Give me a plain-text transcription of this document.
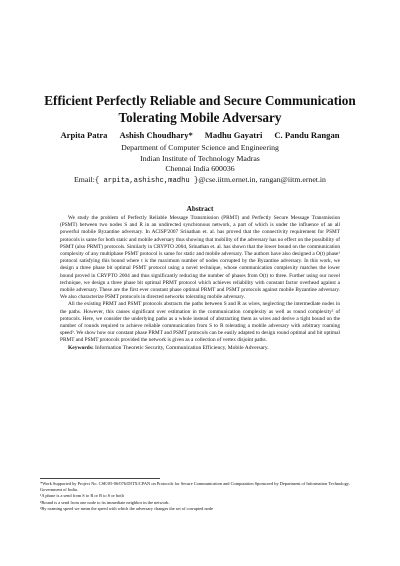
Efficient Perfectly Reliable and Secure Communication Tolerating Mobile Adversary
Arpita Patra Ashish Choudhary* Madhu Gayatri C. Pandu Rangan
Department of Computer Science and Engineering
Indian Institute of Technology Madras
Chennai India 600036
Email:{ arpita,ashishc,madhu }@cse.iitm.ernet.in, rangan@iitm.ernet.in
Abstract

We study the problem of Perfectly Reliable Message Transmission (PRMT) and Perfectly Secure Message Transmission (PSMT) between two nodes S and R in an undirected synchronous network, a part of which is under the influence of an all powerful mobile Byzantine adversary. In ACISP'2007 Srinathan et. al. has proved that the connectivity requirement for PSMT protocols is same for both static and mobile adversary thus showing that mobility of the adversary has no effect on the possibility of PSMT (also PRMT) protocols. Similarly in CRYPTO 2004, Srinathan et. al. has shown that the lower bound on the communication complexity of any multiphase PSMT protocol is same for static and mobile adversary. The authors have also designed a O(t) phase¹ protocol satisfying this bound where t is the maximum number of nodes corrupted by the Byzantine adversary. In this work, we design a three phase bit optimal PSMT protocol using a novel technique, whose communication complexity matches the lower bound proved in CRYPTO 2004 and thus significantly reducing the number of phases from O(t) to three. Further using our novel technique, we design a three phase bit optimal PRMT protocol which achieves reliability with constant factor overhead against a mobile adversary. These are the first ever constant phase optimal PRMT and PSMT protocols against mobile Byzantine adversary. We also characterize PSMT protocols in directed networks tolerating mobile adversary.

All the existing PRMT and PSMT protocols abstracts the paths between S and R as wires, neglecting the intermediate nodes in the paths. However, this causes significant over estimation in the communication complexity as well as round complexity² of protocols. Here, we consider the underlying paths as a whole instead of abstracting them as wires and derive a tight bound on the number of rounds required to achieve reliable communication from S to R tolerating a mobile adversary with arbitrary roaming speed³. We show how our constant phase PRMT and PSMT protocols can be easily adapted to design round optimal and bit optimal PRMT and PSMT protocols provided the network is given as a collection of vertex disjoint paths.

Keywords: Information Theoretic Security, Communication Efficiency, Mobile Adversary.

*Work Supported by Project No. CSE/05-06/076/DITX/CPAN on Protocols for Secure Communication and Computation Sponsored by Department of Information Technology, Government of India.

¹A phase is a send from S to R or R to S or both

²Round is a send from one node to its immediate neighbor in the network.

³By roaming speed we mean the speed with which the adversary changes the set of corrupted node
